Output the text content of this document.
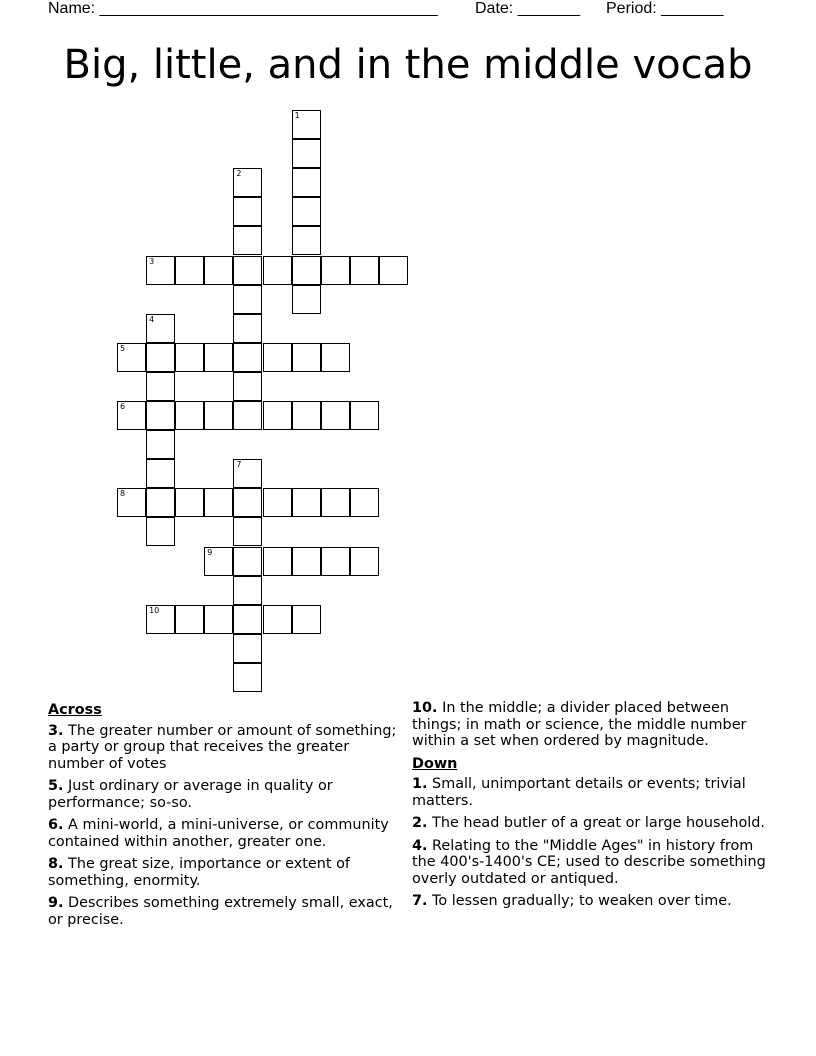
Name: ______________________________________ Date: _______ Period: _______
Big, little, and in the middle vocab
1
2
3
4
5
6
7
8
9
10
Across
3. The greater number or amount of something; a party or group that receives the greater number of votes
5. Just ordinary or average in quality or performance; so-so.
6. A mini-world, a mini-universe, or community contained within another, greater one.
8. The great size, importance or extent of something, enormity.
9. Describes something extremely small, exact, or precise.
10. In the middle; a divider placed between things; in math or science, the middle number within a set when ordered by magnitude.
Down
1. Small, unimportant details or events; trivial matters.
2. The head butler of a great or large household.
4. Relating to the "Middle Ages" in history from the 400's-1400's CE; used to describe something overly outdated or antiqued.
7. To lessen gradually; to weaken over time.
